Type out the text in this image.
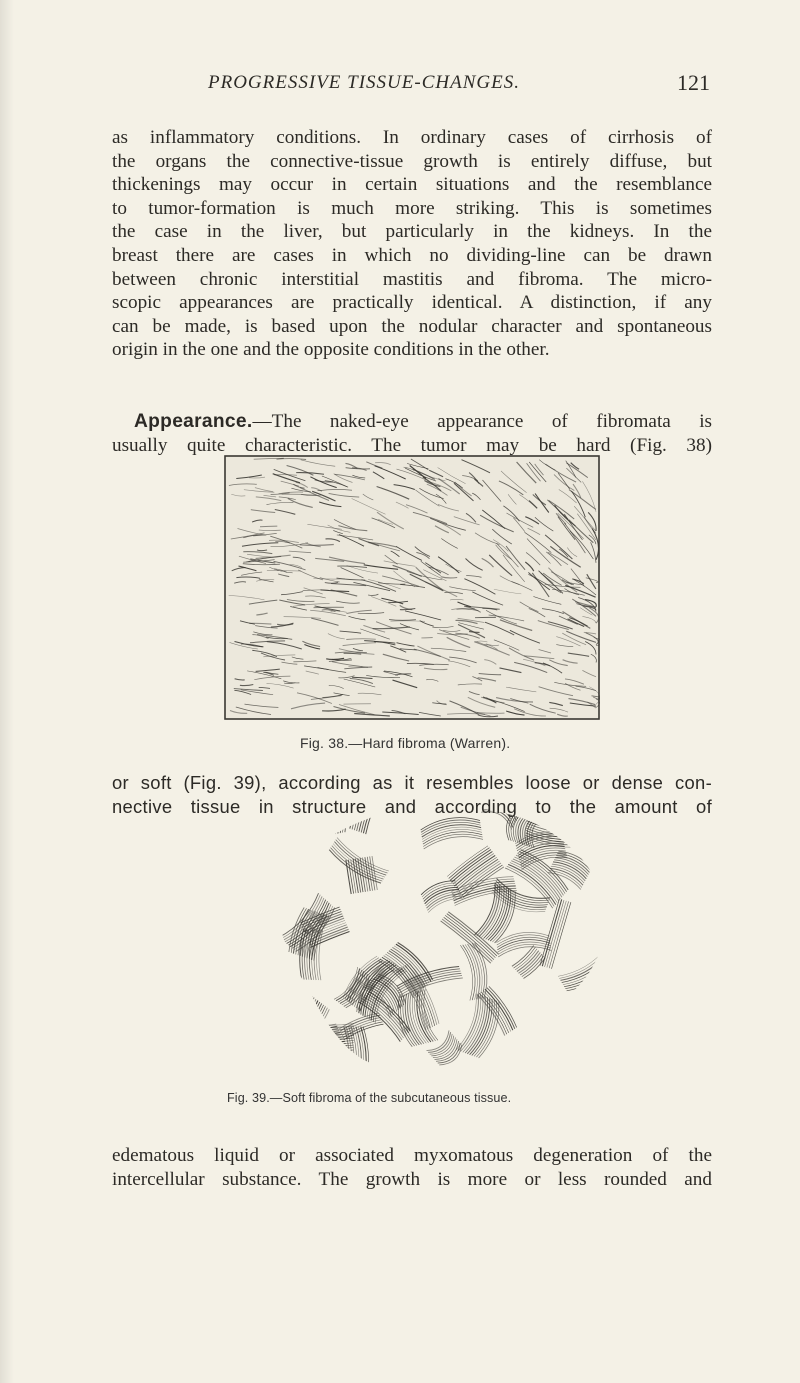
PROGRESSIVE TISSUE-CHANGES.	121
as inflammatory conditions. In ordinary cases of cirrhosis of
the organs the connective-tissue growth is entirely diffuse, but
thickenings may occur in certain situations and the resemblance
to tumor-formation is much more striking. This is sometimes
the case in the liver, but particularly in the kidneys. In the
breast there are cases in which no dividing-line can be drawn
between chronic interstitial mastitis and fibroma. The micro-
scopic appearances are practically identical. A distinction, if any
can be made, is based upon the nodular character and spontaneous
origin in the one and the opposite conditions in the other.
Appearance.—The naked-eye appearance of fibromata is
usually quite characteristic. The tumor may be hard (Fig. 38)
Fig. 38.—Hard fibroma (Warren).
or soft (Fig. 39), according as it resembles loose or dense con-
nective tissue in structure and according to the amount of
Fig. 39.—Soft fibroma of the subcutaneous tissue.
edematous liquid or associated myxomatous degeneration of the
intercellular substance. The growth is more or less rounded and
